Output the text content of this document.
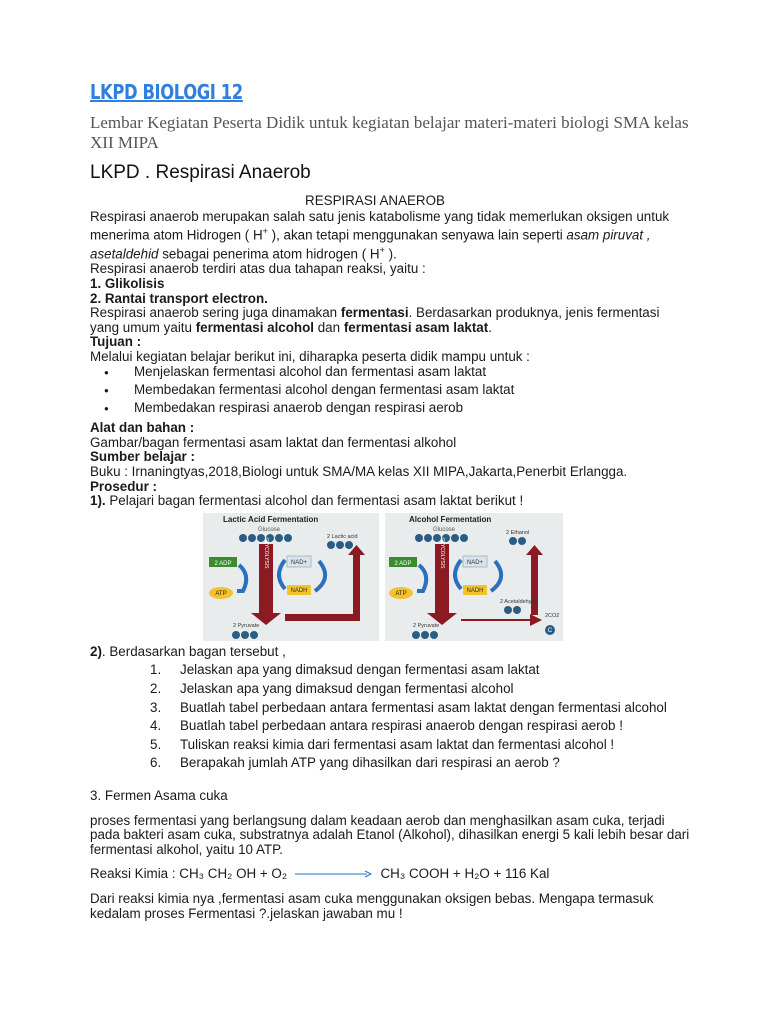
LKPD BIOLOGI 12
Lembar Kegiatan Peserta Didik untuk kegiatan belajar materi-materi biologi SMA kelas XII MIPA
LKPD . Respirasi Anaerob

RESPIRASI ANAEROB

Respirasi anaerob merupakan salah satu jenis katabolisme yang tidak memerlukan oksigen untuk menerima atom Hidrogen ( H+ ), akan tetapi menggunakan senyawa lain seperti asam piruvat , asetaldehid sebagai penerima atom hidrogen ( H+ ).

Respirasi anaerob terdiri atas dua tahapan reaksi, yaitu :

1. Glikolisis

2. Rantai transport electron.

Respirasi anaerob sering juga dinamakan fermentasi. Berdasarkan produknya, jenis fermentasi yang umum yaitu fermentasi alcohol dan fermentasi asam laktat.

Tujuan :

Melalui kegiatan belajar berikut ini, diharapka peserta didik mampu untuk :

● Menjelaskan fermentasi alcohol dan fermentasi asam laktat
● Membedakan fermentasi alcohol dengan fermentasi asam laktat
● Membedakan respirasi anaerob dengan respirasi aerob

Alat dan bahan :

Gambar/bagan fermentasi asam laktat dan fermentasi alkohol

Sumber belajar :

Buku : Irnaningtyas,2018,Biologi untuk SMA/MA kelas XII MIPA,Jakarta,Penerbit Erlangga.

Prosedur :

1). Pelajari bagan fermentasi alcohol dan fermentasi asam laktat berikut !

Lactic Acid Fermentation
Glucose
GLYCOLYSIS
2 ADP
ATP
NAD+
NADH
2 Lactic acid
2 Pyruvate
Alcohol Fermentation
Glucose
GLYCOLYSIS
2 ADP
ATP
NAD+
NADH
2 Ethanol
2 Acetaldehyde
2CO2
C
2 Pyruvate

2). Berdasarkan bagan tersebut ,

1. Jelaskan apa yang dimaksud dengan fermentasi asam laktat
2. Jelaskan apa yang dimaksud dengan fermentasi alcohol
3. Buatlah tabel perbedaan antara fermentasi asam laktat dengan fermentasi alcohol
4. Buatlah tabel perbedaan antara respirasi anaerob dengan respirasi aerob !
5. Tuliskan reaksi kimia dari fermentasi asam laktat dan fermentasi alcohol !
6. Berapakah jumlah ATP yang dihasilkan dari respirasi an aerob ?

3. Fermen Asama cuka

proses fermentasi yang berlangsung dalam keadaan aerob dan menghasilkan asam cuka, terjadi pada bakteri asam cuka, substratnya adalah Etanol (Alkohol), dihasilkan energi 5 kali lebih besar dari fermentasi alkohol, yaitu 10 ATP.

Reaksi Kimia : CH₃ CH₂ OH + O₂	CH₃ COOH + H₂O + 116 Kal

Dari reaksi kimia nya ,fermentasi asam cuka menggunakan oksigen bebas. Mengapa termasuk kedalam proses Fermentasi ?.jelaskan jawaban mu !
